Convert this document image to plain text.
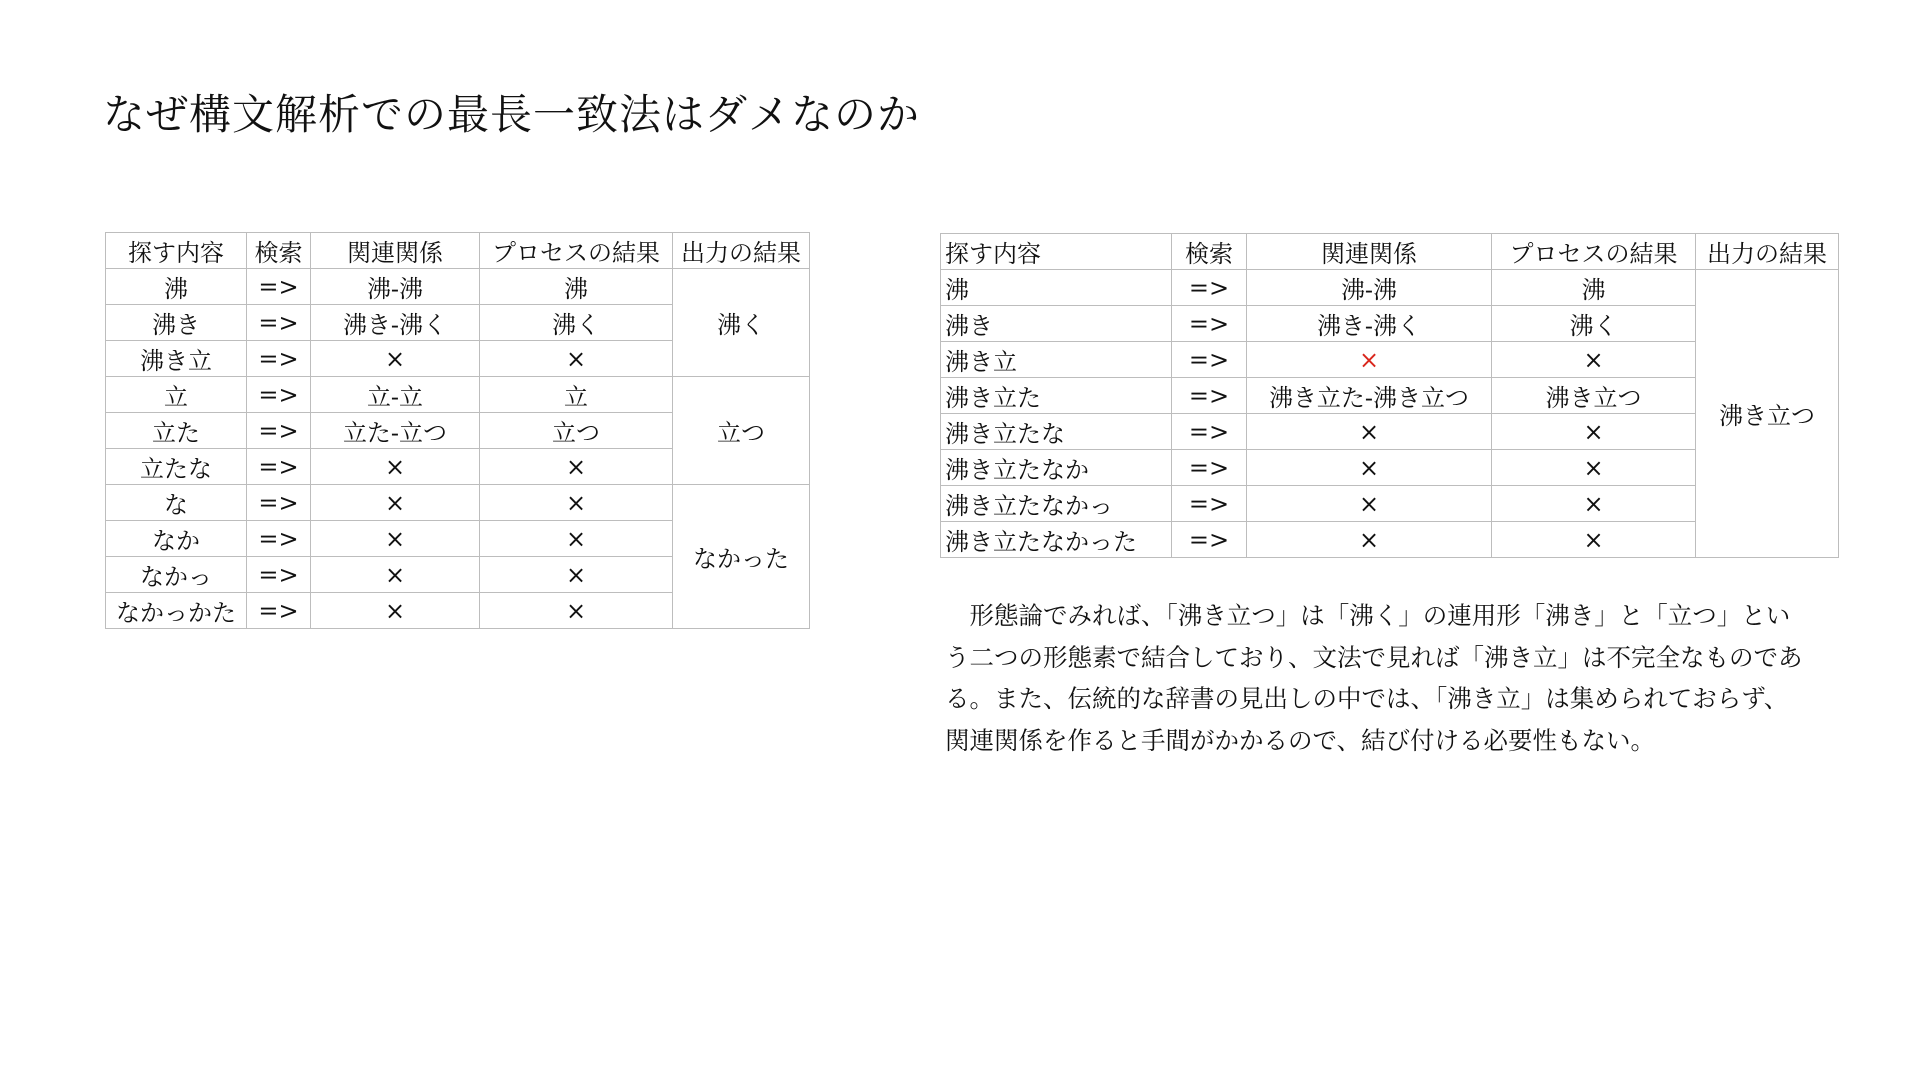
なぜ構文解析での最長一致法はダメなのか
探す内容	検索	関連関係	プロセスの結果	出力の結果
沸	=>	沸-沸	沸	沸く
沸き	=>	沸き-沸く	沸く	
沸き立	=>	×	×	
立	=>	立-立	立	立つ
立た	=>	立た-立つ	立つ	
立たな	=>	×	×	
な	=>	×	×	なかった
なか	=>	×	×	
なかっ	=>	×	×	
なかっかた	=>	×	×	
探す内容	検索	関連関係	プロセスの結果	出力の結果
沸	=>	沸-沸	沸	沸き立つ
沸き	=>	沸き-沸く	沸く	
沸き立	=>	×	×	
沸き立た	=>	沸き立た-沸き立つ	沸き立つ	
沸き立たな	=>	×	×	
沸き立たなか	=>	×	×	
沸き立たなかっ	=>	×	×	
沸き立たなかった	=>	×	×	

　形態論でみれば、「沸き立つ」は「沸く」の連用形「沸き」と「立つ」とい

う二つの形態素で結合しており、文法で見れば「沸き立」は不完全なものであ

る。また、伝統的な辞書の見出しの中では、「沸き立」は集められておらず、

関連関係を作ると手間がかかるので、結び付ける必要性もない。
